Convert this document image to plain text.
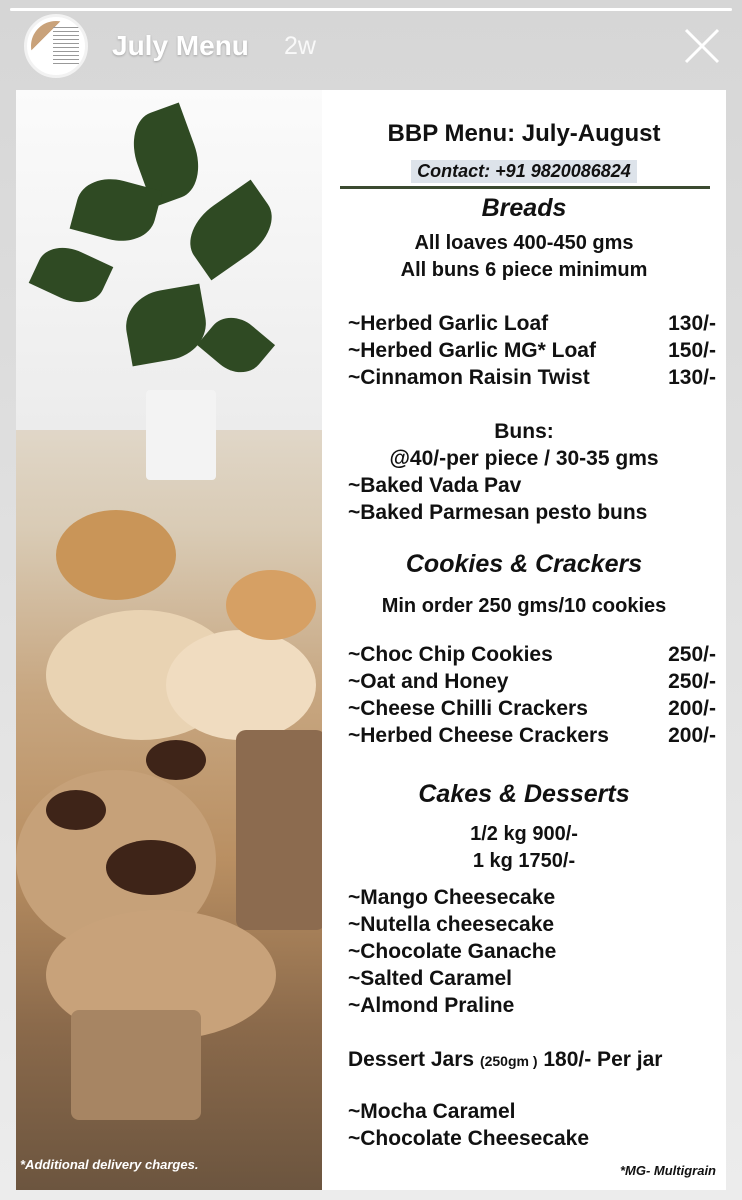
July Menu 2w
*Additional delivery charges.
BBP Menu: July-August
Contact: +91 9820086824
Breads
All loaves 400-450 gms
All buns 6 piece minimum
~Herbed Garlic Loaf	130/-
~Herbed Garlic MG* Loaf	150/-
~Cinnamon Raisin Twist	130/-
Buns:
@40/-per piece / 30-35 gms
~Baked Vada Pav
~Baked Parmesan pesto buns
Cookies & Crackers
Min order 250 gms/10 cookies
~Choc Chip Cookies	250/-
~Oat and Honey	250/-
~Cheese Chilli Crackers	200/-
~Herbed Cheese Crackers	200/-
Cakes & Desserts
1/2 kg 900/-
1 kg 1750/-
~Mango Cheesecake
~Nutella cheesecake
~Chocolate Ganache
~Salted Caramel
~Almond Praline
Dessert Jars (250gm ) 180/- Per jar
~Mocha Caramel
~Chocolate Cheesecake
*MG- Multigrain
